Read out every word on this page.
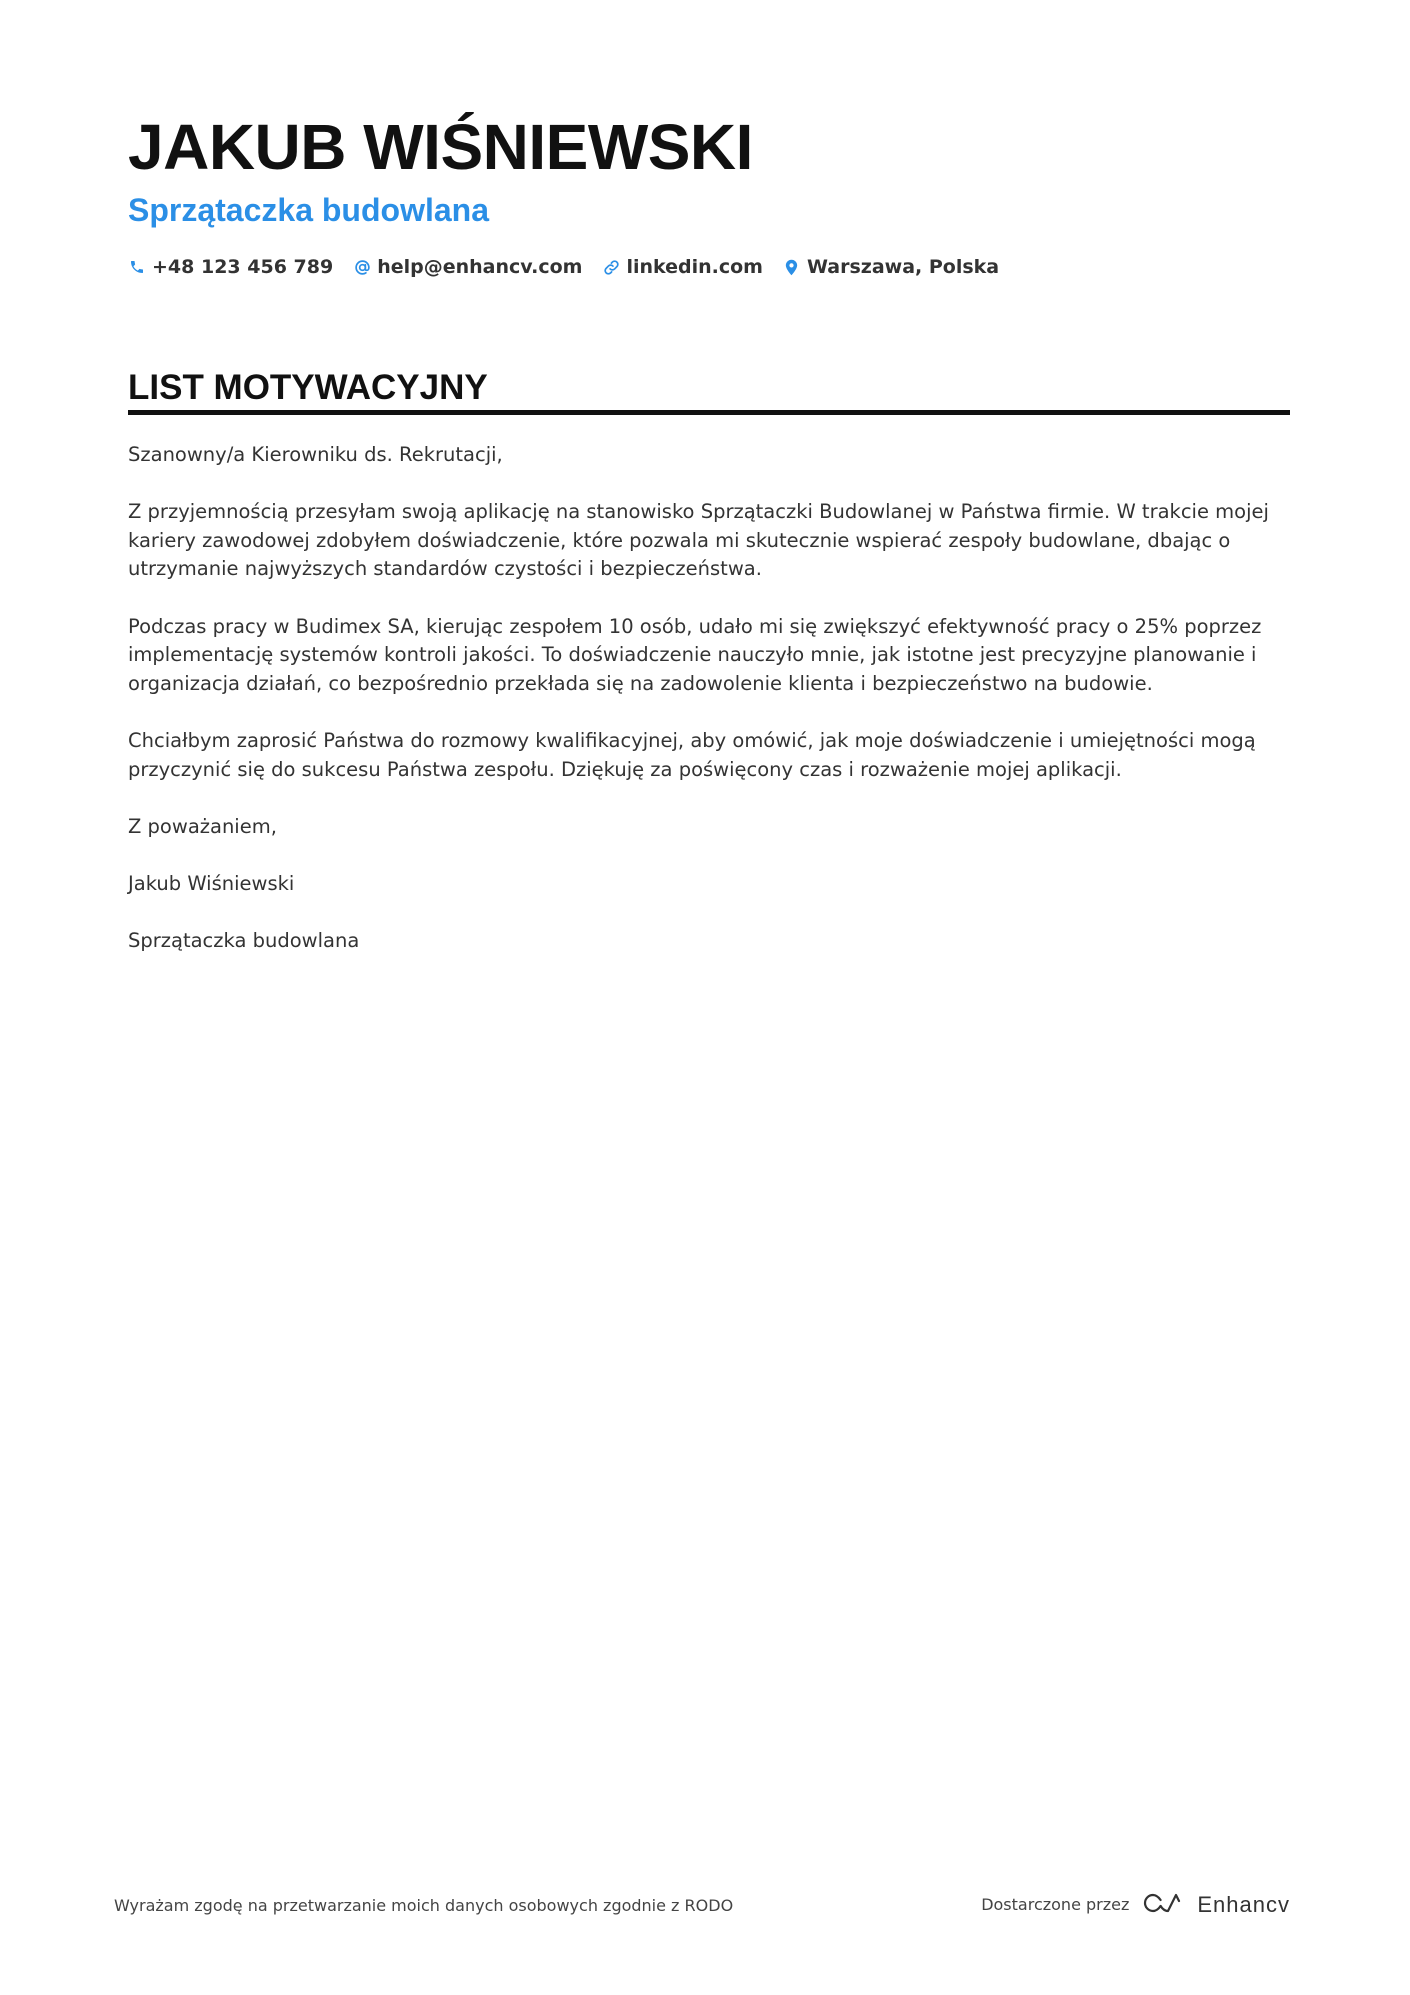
JAKUB WIŚNIEWSKI
Sprzątaczka budowlana
+48 123 456 789 help@enhancv.com linkedin.com Warszawa, Polska
LIST MOTYWACYJNY

Szanowny/a Kierowniku ds. Rekrutacji,

Z przyjemnością przesyłam swoją aplikację na stanowisko Sprzątaczki Budowlanej w Państwa firmie. W trakcie mojej kariery zawodowej zdobyłem doświadczenie, które pozwala mi skutecznie wspierać zespoły budowlane, dbając o utrzymanie najwyższych standardów czystości i bezpieczeństwa.

Podczas pracy w Budimex SA, kierując zespołem 10 osób, udało mi się zwiększyć efektywność pracy o 25% poprzez implementację systemów kontroli jakości. To doświadczenie nauczyło mnie, jak istotne jest precyzyjne planowanie i organizacja działań, co bezpośrednio przekłada się na zadowolenie klienta i bezpieczeństwo na budowie.

Chciałbym zaprosić Państwa do rozmowy kwalifikacyjnej, aby omówić, jak moje doświadczenie i umiejętności mogą przyczynić się do sukcesu Państwa zespołu. Dziękuję za poświęcony czas i rozważenie mojej aplikacji.

Z poważaniem,

Jakub Wiśniewski

Sprzątaczka budowlana

Wyrażam zgodę na przetwarzanie moich danych osobowych zgodnie z RODO	Dostarczone przez	Enhancv
